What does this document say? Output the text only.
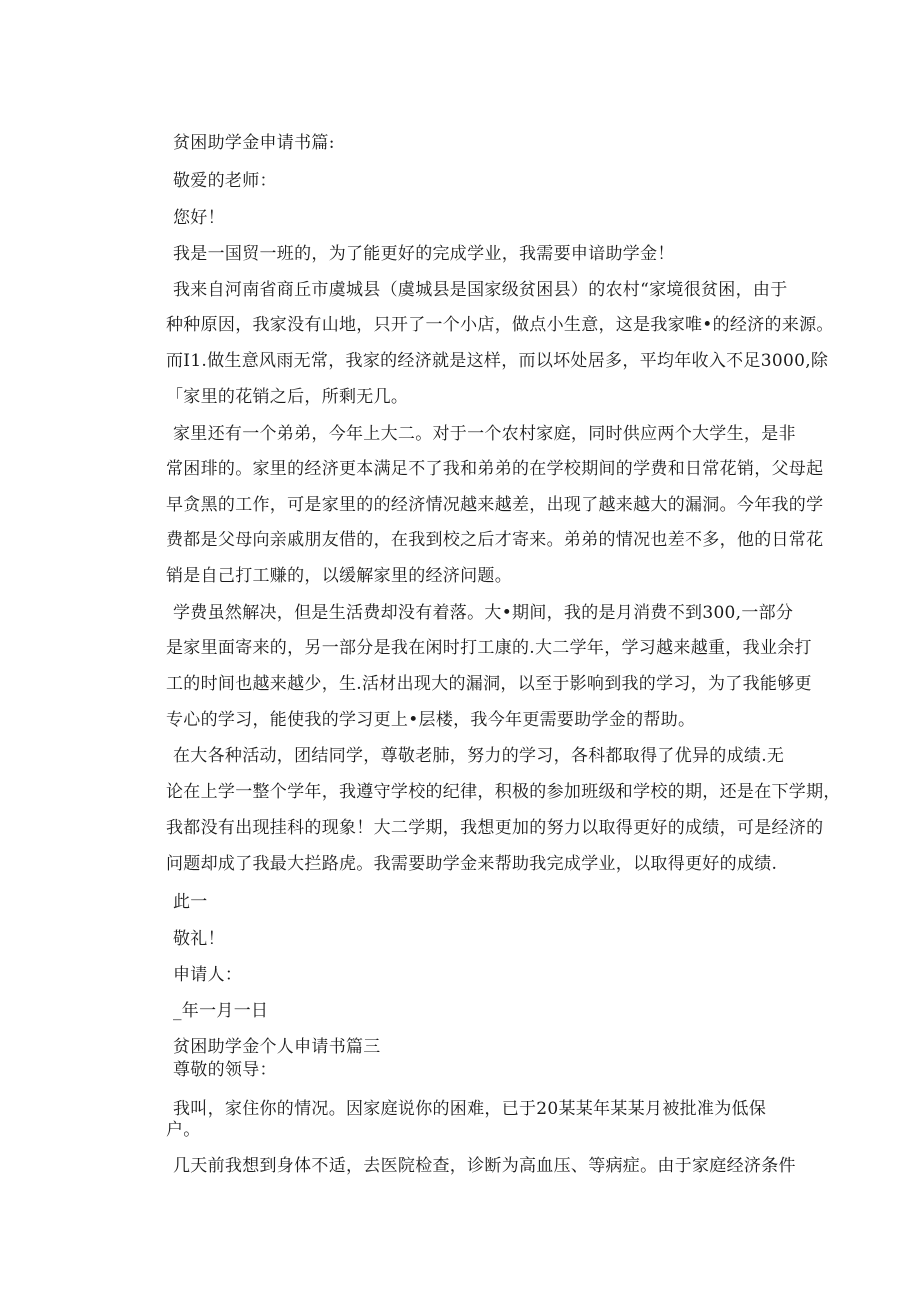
贫困助学金申请书篇:
敬爱的老师：
您好！
我是一国贸一班的，为了能更好的完成学业，我需要申谙助学金！
我来自河南省商丘市虞城县（虞城县是国家级贫困县）的农村“家境很贫困，由于
种种原因，我家没有山地，只开了一个小店，做点小生意，这是我家唯•的经济的来源。
而I1.做生意风雨无常，我家的经济就是这样，而以坏处居多，平均年收入不足3000,除
「家里的花销之后，所剩无几。
家里还有一个弟弟，今年上大二。对于一个农村家庭，同时供应两个大学生，是非
常困琲的。家里的经济更本满足不了我和弟弟的在学校期间的学费和日常花销，父母起
早贪黑的工作，可是家里的的经济情况越来越差，出现了越来越大的漏洞。今年我的学
费都是父母向亲戚朋友借的，在我到校之后才寄来。弟弟的情况也差不多，他的日常花
销是自己打工赚的，以缓解家里的经济问题。
学费虽然解决，但是生活费却没有着落。大•期间，我的是月消费不到300,一部分
是家里面寄来的，另一部分是我在闲时打工康的.大二学年，学习越来越重，我业余打
工的时间也越来越少，生.活材出现大的漏洞，以至于影响到我的学习，为了我能够更
专心的学习，能使我的学习更上•层楼，我今年更需要助学金的帮助。
在大各种活动，团结同学，尊敬老肺，努力的学习，各科都取得了优异的成绩.无
论在上学一整个学年，我遵守学校的纪律，积极的参加班级和学校的期，还是在下学期，
我都没有出现挂科的现象！大二学期，我想更加的努力以取得更好的成绩，可是经济的
问题却成了我最大拦路虎。我需要助学金来帮助我完成学业，以取得更好的成绩.
此一
敬礼！
申请人：
_年一月一日
贫困助学金个人申请书篇三
尊敬的领导：
我叫，家住你的情况。因家庭说你的困难，已于20某某年某某月被批准为低保
户。
几天前我想到身体不适，去医院检查，诊断为高血压、等病症。由于家庭经济条件
